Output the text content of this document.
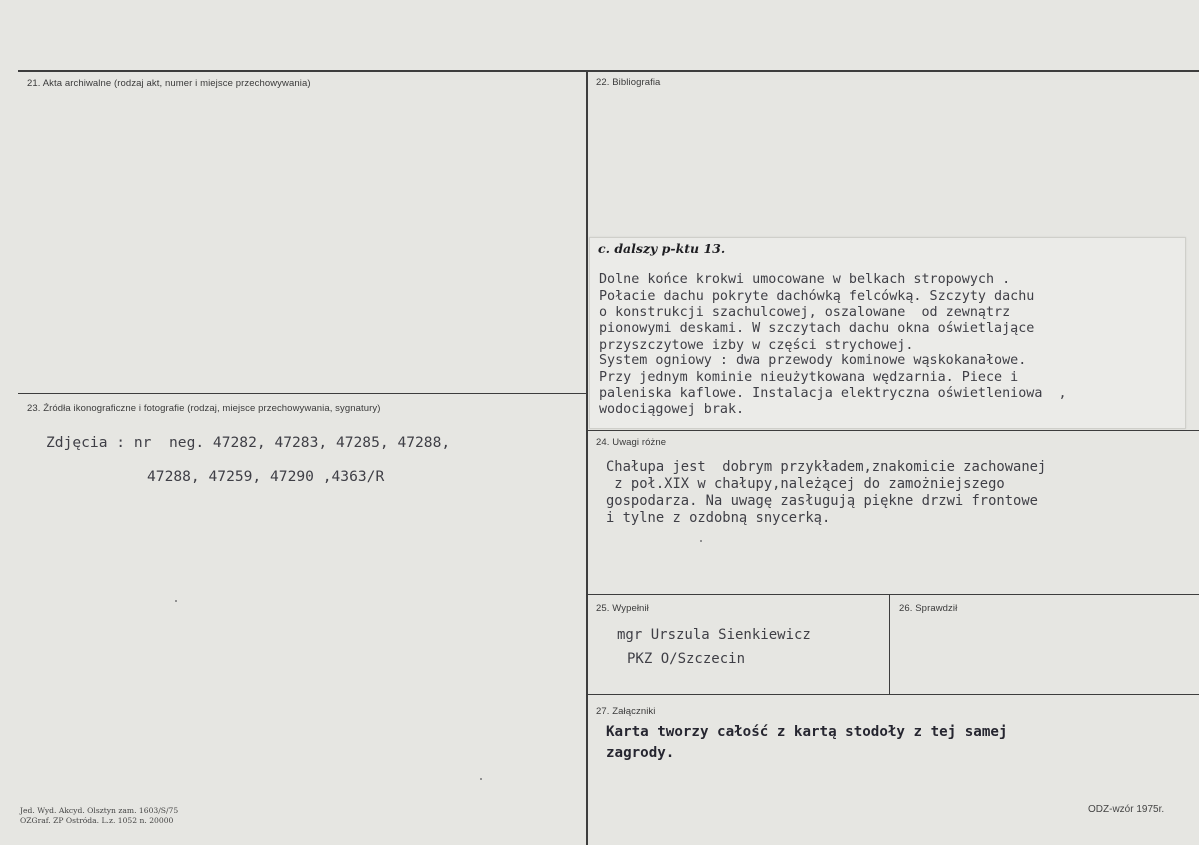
21. Akta archiwalne (rodzaj akt, numer i miejsce przechowywania)	22. Bibliografia
c. dalszy p-ktu 13.
Dolne końce krokwi umocowane w belkach stropowych .
Połacie dachu pokryte dachówką felcówką. Szczyty dachu
o konstrukcji szachulcowej, oszalowane  od zewnątrz
pionowymi deskami. W szczytach dachu okna oświetlające
przyszczytowe izby w części strychowej.
System ogniowy : dwa przewody kominowe wąskokanałowe.
Przy jednym kominie nieużytkowana wędzarnia. Piece i
paleniska kaflowe. Instalacja elektryczna oświetleniowa  ,
wodociągowej brak.
23. Źródła ikonograficzne i fotografie (rodzaj, miejsce przechowywania, sygnatury)
Zdjęcia : nr  neg. 47282, 47283, 47285, 47288,
47288, 47259, 47290 ,4363/R
24. Uwagi różne
Chałupa jest  dobrym przykładem,znakomicie zachowanej
z poł.XIX w chałupy,należącej do zamożniejszego
gospodarza. Na uwagę zasługują piękne drzwi frontowe
i tylne z ozdobną snycerką.
25. Wypełnił
mgr Urszula Sienkiewicz
PKZ O/Szczecin
26. Sprawdził
27. Załączniki
Karta tworzy całość z kartą stodoły z tej samej
zagrody.
Jed. Wyd. Akcyd. Olsztyn zam. 1603/S/75
OZGraf. ZP Ostróda. L.z. 1052 n. 20000
ODZ-wzór 1975r.
